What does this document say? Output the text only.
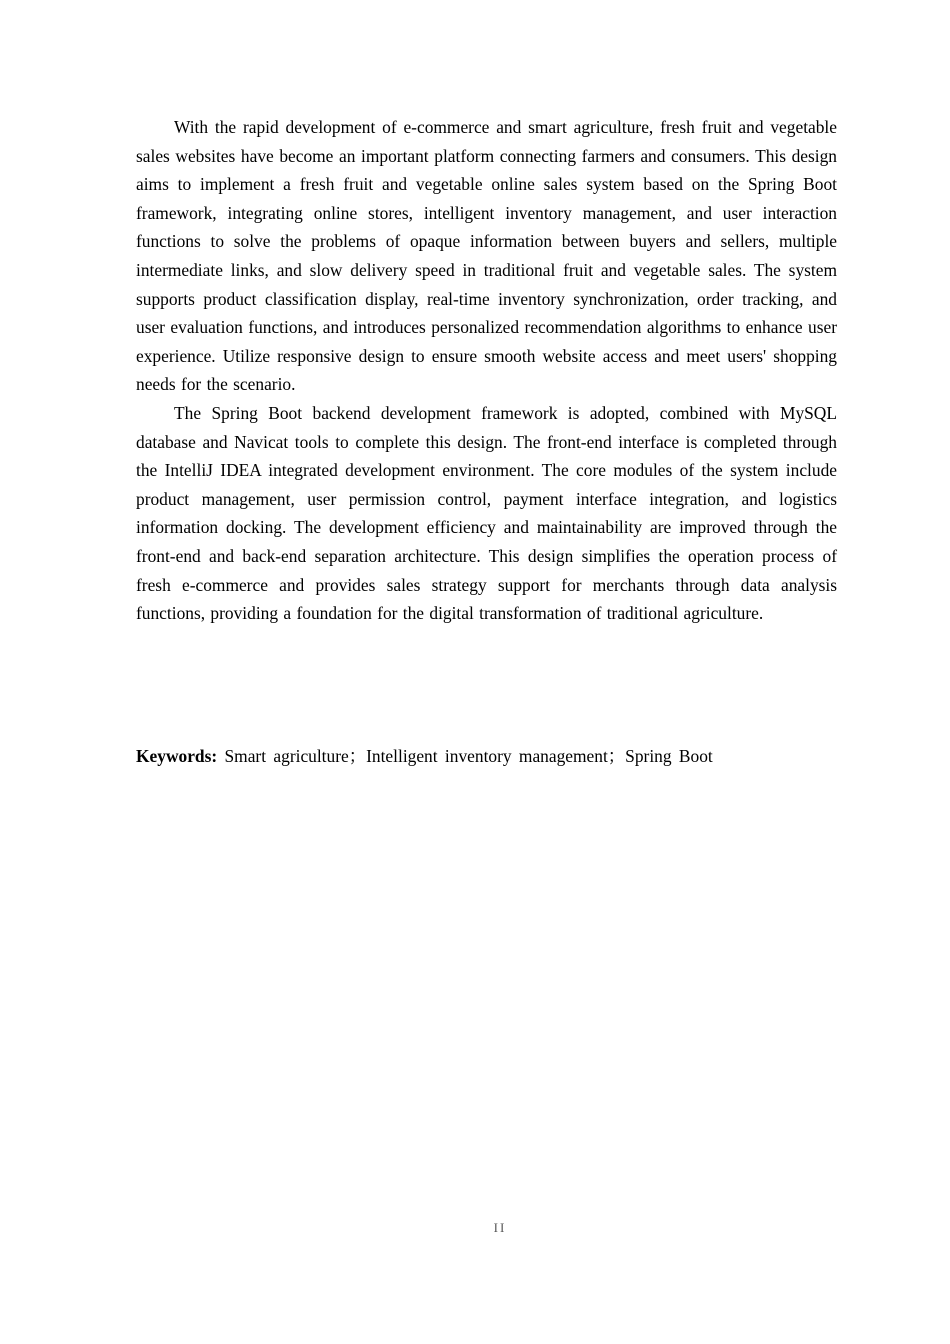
With the rapid development of e-commerce and smart agriculture, fresh fruit and vegetable sales websites have become an important platform connecting farmers and consumers. This design aims to implement a fresh fruit and vegetable online sales system based on the Spring Boot framework, integrating online stores, intelligent inventory management, and user interaction functions to solve the problems of opaque information between buyers and sellers, multiple intermediate links, and slow delivery speed in traditional fruit and vegetable sales. The system supports product classification display, real-time inventory synchronization, order tracking, and user evaluation functions, and introduces personalized recommendation algorithms to enhance user experience. Utilize responsive design to ensure smooth website access and meet users' shopping needs for the scenario.

The Spring Boot backend development framework is adopted, combined with MySQL database and Navicat tools to complete this design. The front-end interface is completed through the IntelliJ IDEA integrated development environment. The core modules of the system include product management, user permission control, payment interface integration, and logistics information docking. The development efficiency and maintainability are improved through the front-end and back-end separation architecture. This design simplifies the operation process of fresh e-commerce and provides sales strategy support for merchants through data analysis functions, providing a foundation for the digital transformation of traditional agriculture.

Keywords: Smart agriculture；Intelligent inventory management；Spring Boot

II
